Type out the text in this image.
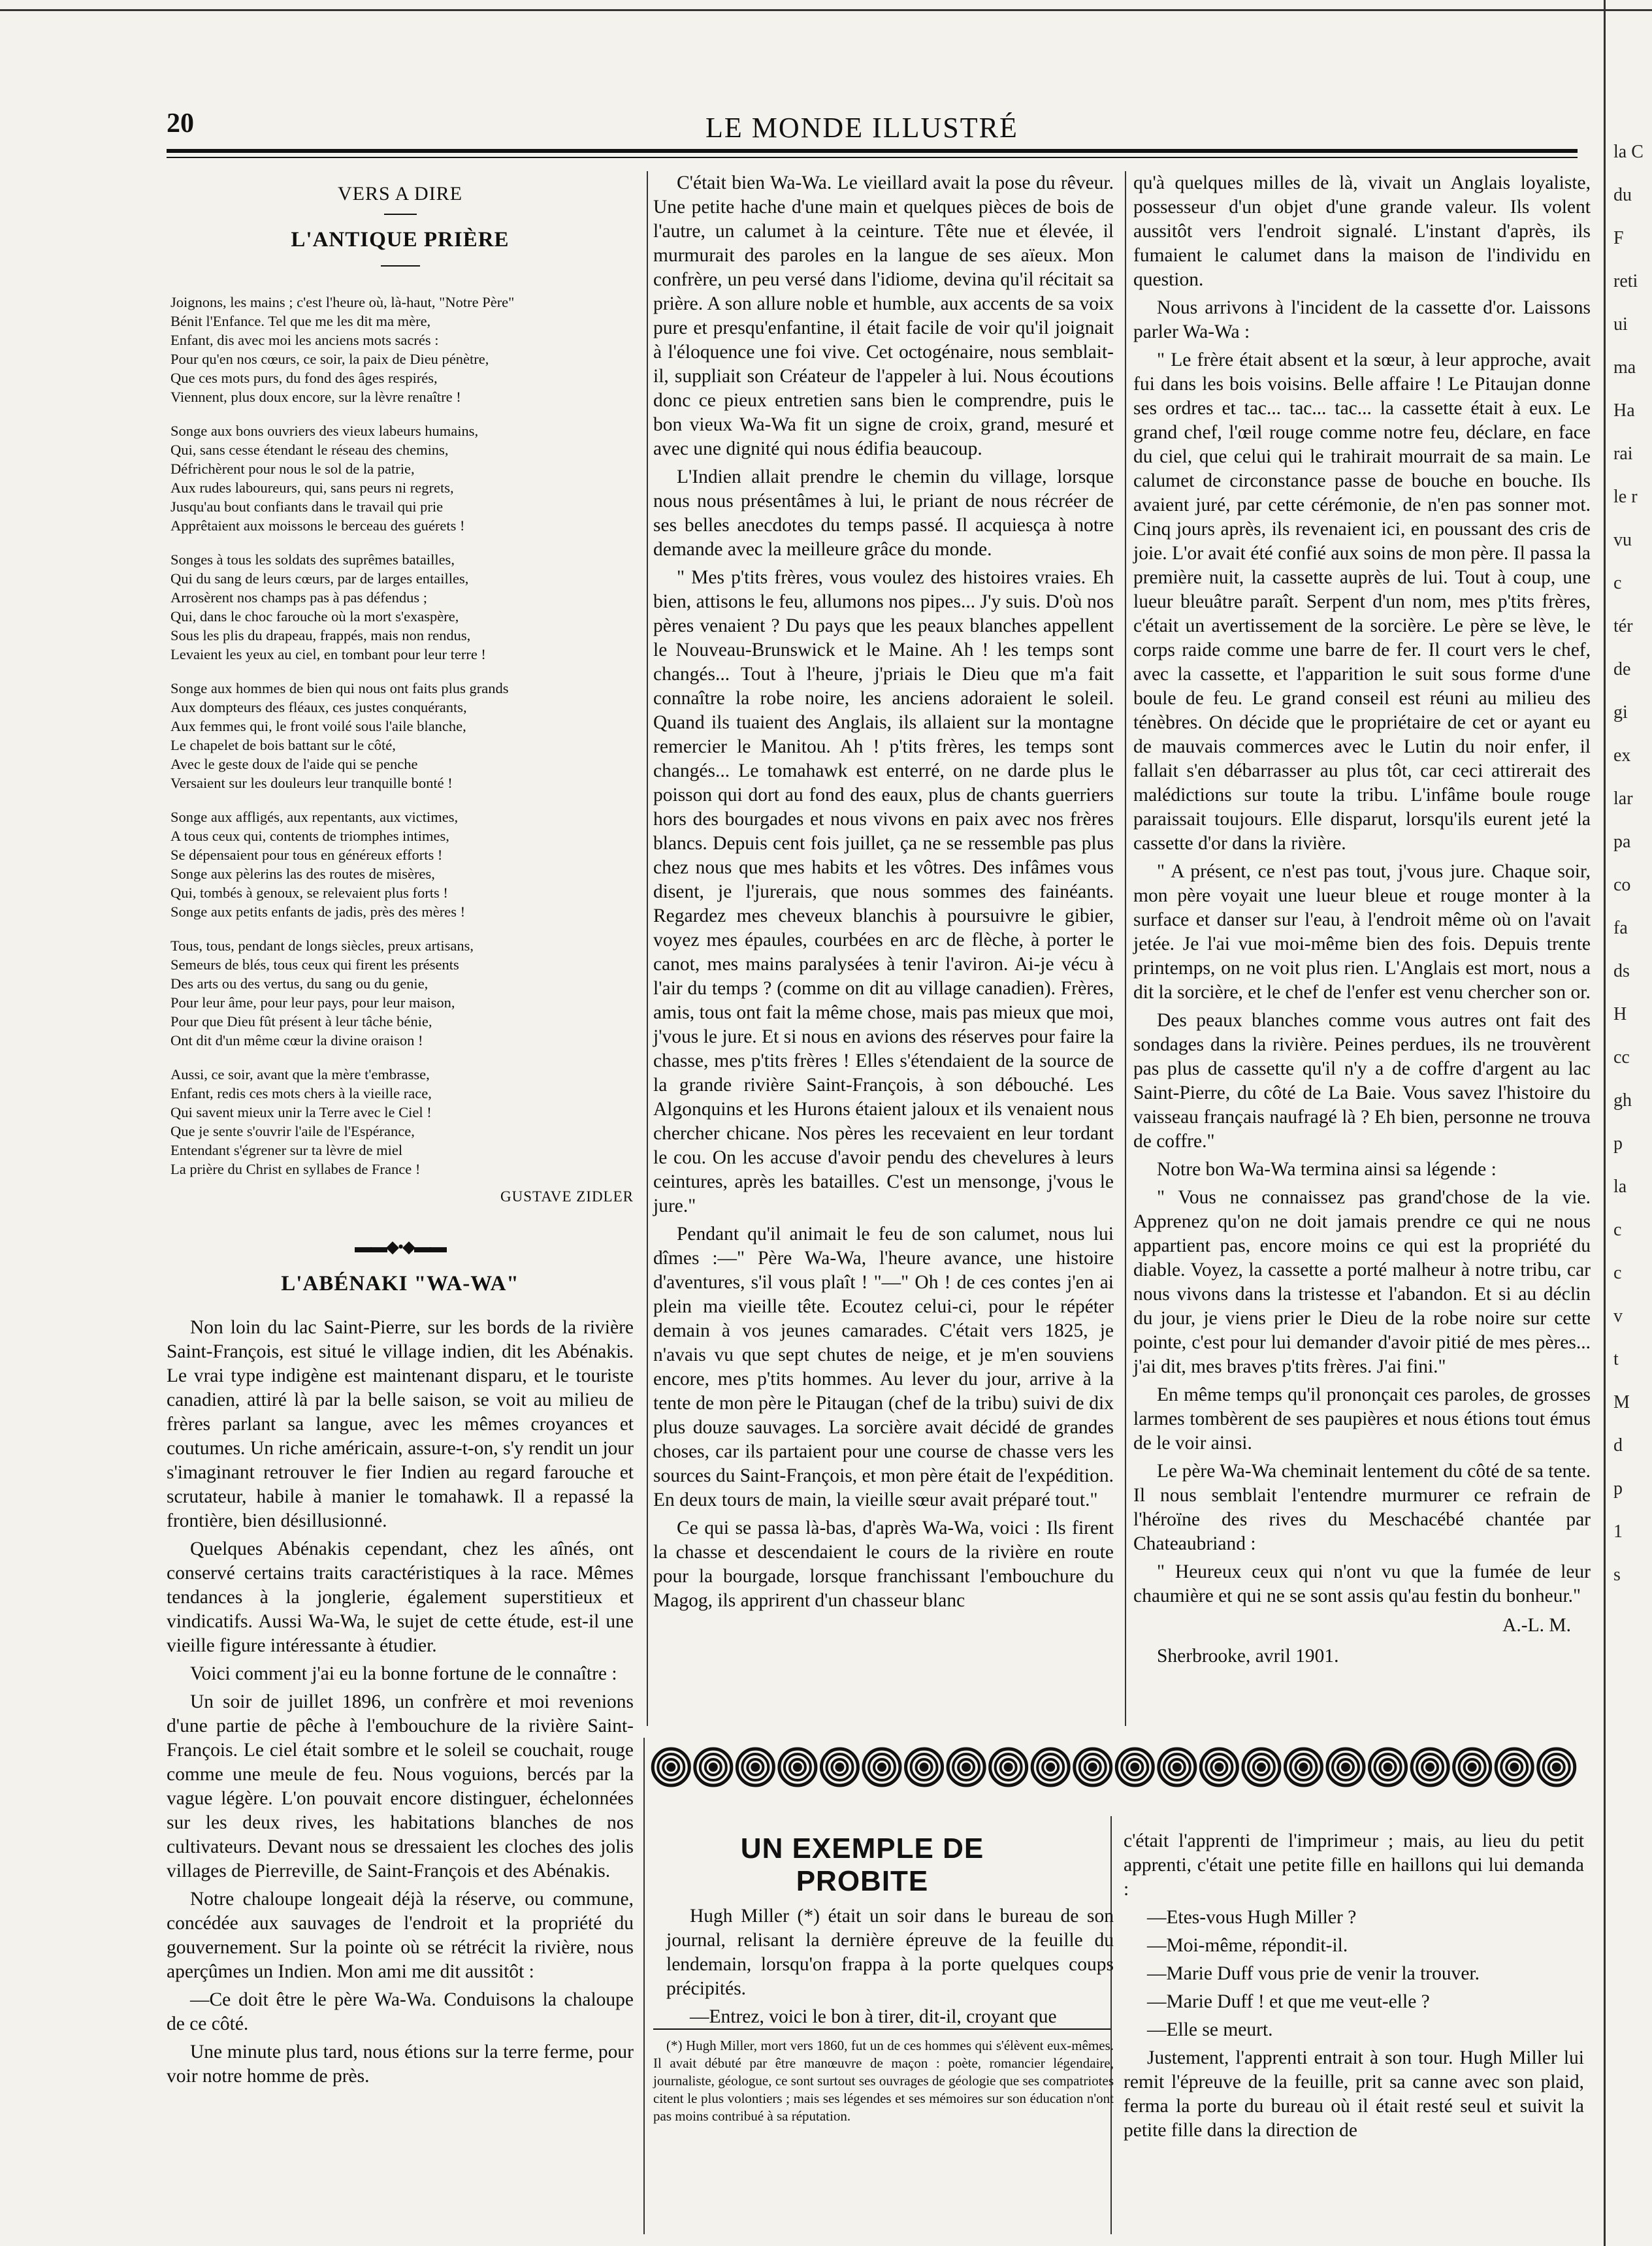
20	LE MONDE ILLUSTRÉ
VERS A DIRE
L'ANTIQUE PRIÈRE
Joignons, les mains ; c'est l'heure où, là-haut, "Notre Père"
Bénit l'Enfance. Tel que me les dit ma mère,
Enfant, dis avec moi les anciens mots sacrés :
Pour qu'en nos cœurs, ce soir, la paix de Dieu pénètre,
Que ces mots purs, du fond des âges respirés,
Viennent, plus doux encore, sur la lèvre renaître !
Songe aux bons ouvriers des vieux labeurs humains,
Qui, sans cesse étendant le réseau des chemins,
Défrichèrent pour nous le sol de la patrie,
Aux rudes laboureurs, qui, sans peurs ni regrets,
Jusqu'au bout confiants dans le travail qui prie
Apprêtaient aux moissons le berceau des guérets !
Songes à tous les soldats des suprêmes batailles,
Qui du sang de leurs cœurs, par de larges entailles,
Arrosèrent nos champs pas à pas défendus ;
Qui, dans le choc farouche où la mort s'exaspère,
Sous les plis du drapeau, frappés, mais non rendus,
Levaient les yeux au ciel, en tombant pour leur terre !
Songe aux hommes de bien qui nous ont faits plus grands
Aux dompteurs des fléaux, ces justes conquérants,
Aux femmes qui, le front voilé sous l'aile blanche,
Le chapelet de bois battant sur le côté,
Avec le geste doux de l'aide qui se penche
Versaient sur les douleurs leur tranquille bonté !
Songe aux affligés, aux repentants, aux victimes,
A tous ceux qui, contents de triomphes intimes,
Se dépensaient pour tous en généreux efforts !
Songe aux pèlerins las des routes de misères,
Qui, tombés à genoux, se relevaient plus forts !
Songe aux petits enfants de jadis, près des mères !
Tous, tous, pendant de longs siècles, preux artisans,
Semeurs de blés, tous ceux qui firent les présents
Des arts ou des vertus, du sang ou du genie,
Pour leur âme, pour leur pays, pour leur maison,
Pour que Dieu fût présent à leur tâche bénie,
Ont dit d'un même cœur la divine oraison !
Aussi, ce soir, avant que la mère t'embrasse,
Enfant, redis ces mots chers à la vieille race,
Qui savent mieux unir la Terre avec le Ciel !
Que je sente s'ouvrir l'aile de l'Espérance,
Entendant s'égrener sur ta lèvre de miel
La prière du Christ en syllabes de France !
GUSTAVE ZIDLER
▬▬◆•◆▬▬
L'ABÉNAKI "WA-WA"

Non loin du lac Saint-Pierre, sur les bords de la rivière Saint-François, est situé le village indien, dit les Abénakis. Le vrai type indigène est maintenant disparu, et le touriste canadien, attiré là par la belle saison, se voit au milieu de frères parlant sa langue, avec les mêmes croyances et coutumes. Un riche américain, assure-t-on, s'y rendit un jour s'imaginant retrouver le fier Indien au regard farouche et scrutateur, habile à manier le tomahawk. Il a repassé la frontière, bien désillusionné.

Quelques Abénakis cependant, chez les aînés, ont conservé certains traits caractéristiques à la race. Mêmes tendances à la jonglerie, également superstitieux et vindicatifs. Aussi Wa-Wa, le sujet de cette étude, est-il une vieille figure intéressante à étudier.

Voici comment j'ai eu la bonne fortune de le connaître :

Un soir de juillet 1896, un confrère et moi revenions d'une partie de pêche à l'embouchure de la rivière Saint-François. Le ciel était sombre et le soleil se couchait, rouge comme une meule de feu. Nous voguions, bercés par la vague légère. L'on pouvait encore distinguer, échelonnées sur les deux rives, les habitations blanches de nos cultivateurs. Devant nous se dressaient les cloches des jolis villages de Pierreville, de Saint-François et des Abénakis.

Notre chaloupe longeait déjà la réserve, ou commune, concédée aux sauvages de l'endroit et la propriété du gouvernement. Sur la pointe où se rétrécit la rivière, nous aperçûmes un Indien. Mon ami me dit aussitôt :

—Ce doit être le père Wa-Wa. Conduisons la chaloupe de ce côté.

Une minute plus tard, nous étions sur la terre ferme, pour voir notre homme de près.

C'était bien Wa-Wa. Le vieillard avait la pose du rêveur. Une petite hache d'une main et quelques pièces de bois de l'autre, un calumet à la ceinture. Tête nue et élevée, il murmurait des paroles en la langue de ses aïeux. Mon confrère, un peu versé dans l'idiome, devina qu'il récitait sa prière. A son allure noble et humble, aux accents de sa voix pure et presqu'enfantine, il était facile de voir qu'il joignait à l'éloquence une foi vive. Cet octogénaire, nous semblait-il, suppliait son Créateur de l'appeler à lui. Nous écoutions donc ce pieux entretien sans bien le comprendre, puis le bon vieux Wa-Wa fit un signe de croix, grand, mesuré et avec une dignité qui nous édifia beaucoup.

L'Indien allait prendre le chemin du village, lorsque nous nous présentâmes à lui, le priant de nous récréer de ses belles anecdotes du temps passé. Il acquiesça à notre demande avec la meilleure grâce du monde.

" Mes p'tits frères, vous voulez des histoires vraies. Eh bien, attisons le feu, allumons nos pipes... J'y suis. D'où nos pères venaient ? Du pays que les peaux blanches appellent le Nouveau-Brunswick et le Maine. Ah ! les temps sont changés... Tout à l'heure, j'priais le Dieu que m'a fait connaître la robe noire, les anciens adoraient le soleil. Quand ils tuaient des Anglais, ils allaient sur la montagne remercier le Manitou. Ah ! p'tits frères, les temps sont changés... Le tomahawk est enterré, on ne darde plus le poisson qui dort au fond des eaux, plus de chants guerriers hors des bourgades et nous vivons en paix avec nos frères blancs. Depuis cent fois juillet, ça ne se ressemble pas plus chez nous que mes habits et les vôtres. Des infâmes vous disent, je l'jurerais, que nous sommes des fainéants. Regardez mes cheveux blanchis à poursuivre le gibier, voyez mes épaules, courbées en arc de flèche, à porter le canot, mes mains paralysées à tenir l'aviron. Ai-je vécu à l'air du temps ? (comme on dit au village canadien). Frères, amis, tous ont fait la même chose, mais pas mieux que moi, j'vous le jure. Et si nous en avions des réserves pour faire la chasse, mes p'tits frères ! Elles s'étendaient de la source de la grande rivière Saint-François, à son débouché. Les Algonquins et les Hurons étaient jaloux et ils venaient nous chercher chicane. Nos pères les recevaient en leur tordant le cou. On les accuse d'avoir pendu des chevelures à leurs ceintures, après les batailles. C'est un mensonge, j'vous le jure."

Pendant qu'il animait le feu de son calumet, nous lui dîmes :—" Père Wa-Wa, l'heure avance, une histoire d'aventures, s'il vous plaît ! "—" Oh ! de ces contes j'en ai plein ma vieille tête. Ecoutez celui-ci, pour le répéter demain à vos jeunes camarades. C'était vers 1825, je n'avais vu que sept chutes de neige, et je m'en souviens encore, mes p'tits hommes. Au lever du jour, arrive à la tente de mon père le Pitaugan (chef de la tribu) suivi de dix plus douze sauvages. La sorcière avait décidé de grandes choses, car ils partaient pour une course de chasse vers les sources du Saint-François, et mon père était de l'expédition. En deux tours de main, la vieille sœur avait préparé tout."

Ce qui se passa là-bas, d'après Wa-Wa, voici : Ils firent la chasse et descendaient le cours de la rivière en route pour la bourgade, lorsque franchissant l'embouchure du Magog, ils apprirent d'un chasseur blanc

qu'à quelques milles de là, vivait un Anglais loyaliste, possesseur d'un objet d'une grande valeur. Ils volent aussitôt vers l'endroit signalé. L'instant d'après, ils fumaient le calumet dans la maison de l'individu en question.

Nous arrivons à l'incident de la cassette d'or. Laissons parler Wa-Wa :

" Le frère était absent et la sœur, à leur approche, avait fui dans les bois voisins. Belle affaire ! Le Pitaujan donne ses ordres et tac... tac... tac... la cassette était à eux. Le grand chef, l'œil rouge comme notre feu, déclare, en face du ciel, que celui qui le trahirait mourrait de sa main. Le calumet de circonstance passe de bouche en bouche. Ils avaient juré, par cette cérémonie, de n'en pas sonner mot. Cinq jours après, ils revenaient ici, en poussant des cris de joie. L'or avait été confié aux soins de mon père. Il passa la première nuit, la cassette auprès de lui. Tout à coup, une lueur bleuâtre paraît. Serpent d'un nom, mes p'tits frères, c'était un avertissement de la sorcière. Le père se lève, le corps raide comme une barre de fer. Il court vers le chef, avec la cassette, et l'apparition le suit sous forme d'une boule de feu. Le grand conseil est réuni au milieu des ténèbres. On décide que le propriétaire de cet or ayant eu de mauvais commerces avec le Lutin du noir enfer, il fallait s'en débarrasser au plus tôt, car ceci attirerait des malédictions sur toute la tribu. L'infâme boule rouge paraissait toujours. Elle disparut, lorsqu'ils eurent jeté la cassette d'or dans la rivière.

" A présent, ce n'est pas tout, j'vous jure. Chaque soir, mon père voyait une lueur bleue et rouge monter à la surface et danser sur l'eau, à l'endroit même où on l'avait jetée. Je l'ai vue moi-même bien des fois. Depuis trente printemps, on ne voit plus rien. L'Anglais est mort, nous a dit la sorcière, et le chef de l'enfer est venu chercher son or.

Des peaux blanches comme vous autres ont fait des sondages dans la rivière. Peines perdues, ils ne trouvèrent pas plus de cassette qu'il n'y a de coffre d'argent au lac Saint-Pierre, du côté de La Baie. Vous savez l'histoire du vaisseau français naufragé là ? Eh bien, personne ne trouva de coffre."

Notre bon Wa-Wa termina ainsi sa légende :

" Vous ne connaissez pas grand'chose de la vie. Apprenez qu'on ne doit jamais prendre ce qui ne nous appartient pas, encore moins ce qui est la propriété du diable. Voyez, la cassette a porté malheur à notre tribu, car nous vivons dans la tristesse et l'abandon. Et si au déclin du jour, je viens prier le Dieu de la robe noire sur cette pointe, c'est pour lui demander d'avoir pitié de mes pères... j'ai dit, mes braves p'tits frères. J'ai fini."

En même temps qu'il prononçait ces paroles, de grosses larmes tombèrent de ses paupières et nous étions tout émus de le voir ainsi.

Le père Wa-Wa cheminait lentement du côté de sa tente. Il nous semblait l'entendre murmurer ce refrain de l'héroïne des rives du Meschacébé chantée par Chateaubriand :

" Heureux ceux qui n'ont vu que la fumée de leur chaumière et qui ne se sont assis qu'au festin du bonheur."

A.-L. M.

Sherbrooke, avril 1901.

UN EXEMPLE DE PROBITE

Hugh Miller (*) était un soir dans le bureau de son journal, relisant la dernière épreuve de la feuille du lendemain, lorsqu'on frappa à la porte quelques coups précipités.

—Entrez, voici le bon à tirer, dit-il, croyant que

(*) Hugh Miller, mort vers 1860, fut un de ces hommes qui s'élèvent eux-mêmes. Il avait débuté par être manœuvre de maçon : poète, romancier légendaire, journaliste, géologue, ce sont surtout ses ouvrages de géologie que ses compatriotes citent le plus volontiers ; mais ses légendes et ses mémoires sur son éducation n'ont pas moins contribué à sa réputation.

c'était l'apprenti de l'imprimeur ; mais, au lieu du petit apprenti, c'était une petite fille en haillons qui lui demanda :

—Etes-vous Hugh Miller ?

—Moi-même, répondit-il.

—Marie Duff vous prie de venir la trouver.

—Marie Duff ! et que me veut-elle ?

—Elle se meurt.

Justement, l'apprenti entrait à son tour. Hugh Miller lui remit l'épreuve de la feuille, prit sa canne avec son plaid, ferma la porte du bureau où il était resté seul et suivit la petite fille dans la direction de

la C
du
F
reti
ui
ma
Ha
rai
le r
vu
c
tér
de
gi
ex
lar
pa
co
fa
ds
H
cc
gh
p
la
c
c
v
t
M
d
p
1
s
